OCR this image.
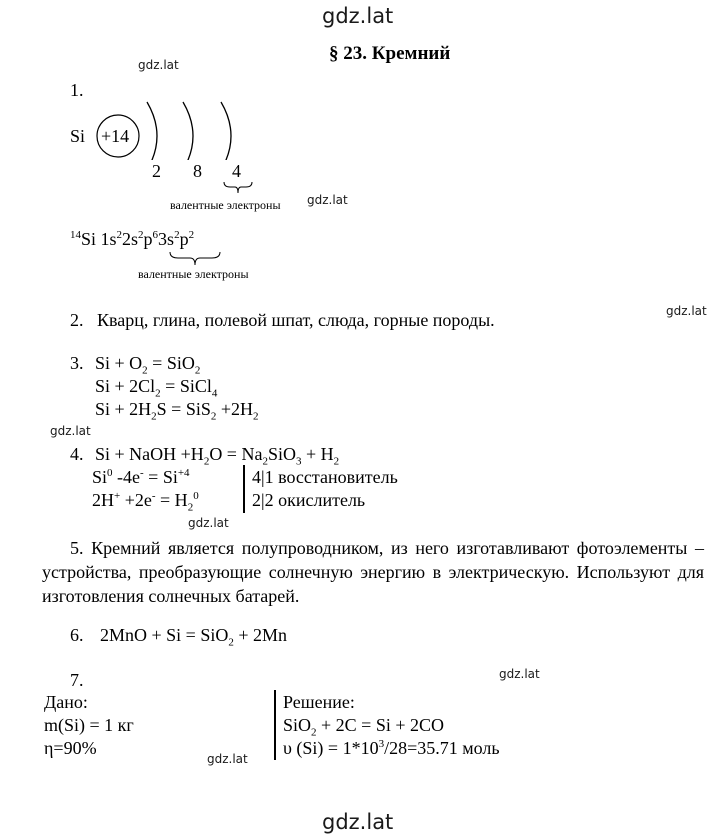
gdz.lat
gdz.lat
gdz.lat
gdz.lat
gdz.lat
gdz.lat
gdz.lat
gdz.lat
gdz.lat
§ 23. Кремний
1.
Si +14
2 8 4
валентные электроны
$^{14}$Si $1s^22s^2p^63s^2p^2$
валентные электроны
2. Кварц, глина, полевой шпат, слюда, горные породы.
3. $Si + O_2 = SiO_2$
$Si + 2Cl_2$ = SiCl$_4$
$Si + 2H_2S = SiS_2 +2H_2$
4. Si + NaOH $+H_2O = Na_2SiO_3 + H_2$
Si$^0$ $-4e^- = Si^{+4}$
$2H^+ +2e^- = H_2^0$
4|1 восстановитель
2|2 окислитель
5. Кремний является полупроводником, из него изготавливают фотоэлементы – устройства, преобразующие солнечную энергию в электрическую. Используют для изготовления солнечных батарей.
6. 2MnO + Si = SiO$_2$ + 2Mn
7.
Дано:
m(Si) = 1 кг
η=90%
Решение:
SiO$_2$ + 2C = Si + 2CO
υ $(Si) = 1*10^3/28=35.71$ моль
